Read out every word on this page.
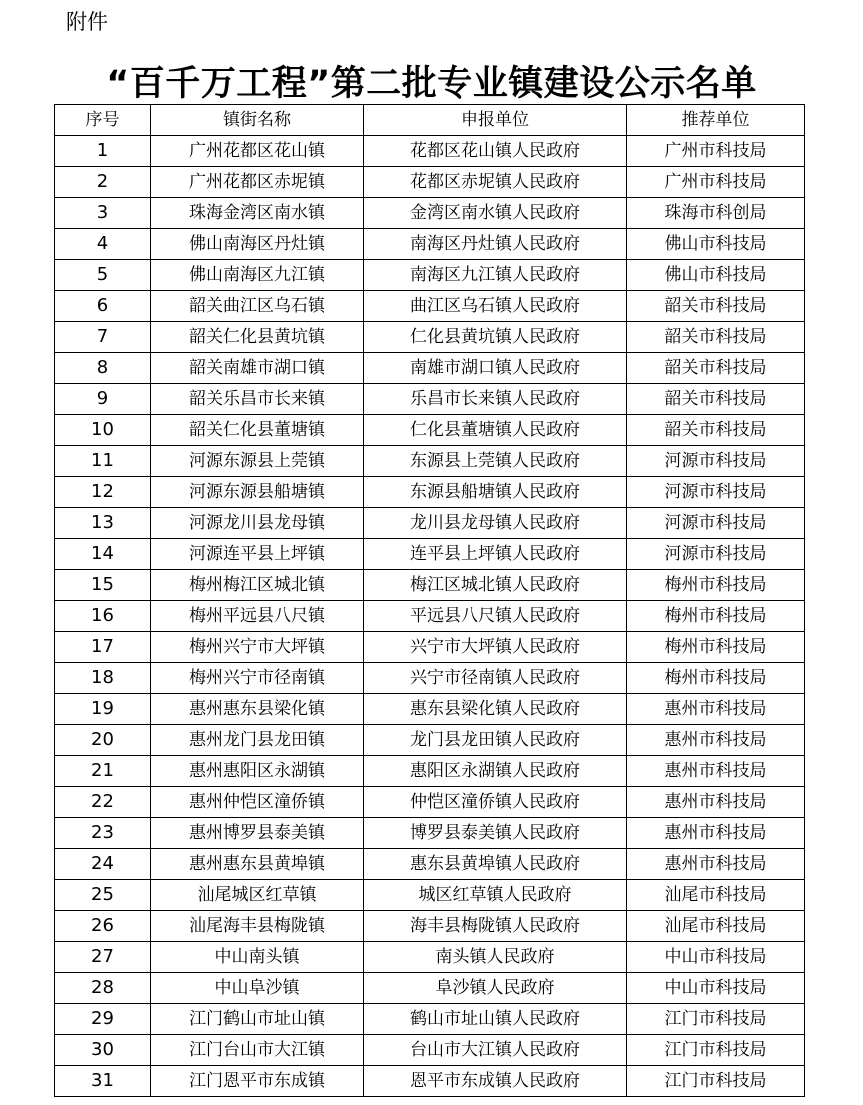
附件
“百千万工程”第二批专业镇建设公示名单
序号	镇街名称	申报单位	推荐单位
1	广州花都区花山镇	花都区花山镇人民政府	广州市科技局
2	广州花都区赤坭镇	花都区赤坭镇人民政府	广州市科技局
3	珠海金湾区南水镇	金湾区南水镇人民政府	珠海市科创局
4	佛山南海区丹灶镇	南海区丹灶镇人民政府	佛山市科技局
5	佛山南海区九江镇	南海区九江镇人民政府	佛山市科技局
6	韶关曲江区乌石镇	曲江区乌石镇人民政府	韶关市科技局
7	韶关仁化县黄坑镇	仁化县黄坑镇人民政府	韶关市科技局
8	韶关南雄市湖口镇	南雄市湖口镇人民政府	韶关市科技局
9	韶关乐昌市长来镇	乐昌市长来镇人民政府	韶关市科技局
10	韶关仁化县董塘镇	仁化县董塘镇人民政府	韶关市科技局
11	河源东源县上莞镇	东源县上莞镇人民政府	河源市科技局
12	河源东源县船塘镇	东源县船塘镇人民政府	河源市科技局
13	河源龙川县龙母镇	龙川县龙母镇人民政府	河源市科技局
14	河源连平县上坪镇	连平县上坪镇人民政府	河源市科技局
15	梅州梅江区城北镇	梅江区城北镇人民政府	梅州市科技局
16	梅州平远县八尺镇	平远县八尺镇人民政府	梅州市科技局
17	梅州兴宁市大坪镇	兴宁市大坪镇人民政府	梅州市科技局
18	梅州兴宁市径南镇	兴宁市径南镇人民政府	梅州市科技局
19	惠州惠东县梁化镇	惠东县梁化镇人民政府	惠州市科技局
20	惠州龙门县龙田镇	龙门县龙田镇人民政府	惠州市科技局
21	惠州惠阳区永湖镇	惠阳区永湖镇人民政府	惠州市科技局
22	惠州仲恺区潼侨镇	仲恺区潼侨镇人民政府	惠州市科技局
23	惠州博罗县泰美镇	博罗县泰美镇人民政府	惠州市科技局
24	惠州惠东县黄埠镇	惠东县黄埠镇人民政府	惠州市科技局
25	汕尾城区红草镇	城区红草镇人民政府	汕尾市科技局
26	汕尾海丰县梅陇镇	海丰县梅陇镇人民政府	汕尾市科技局
27	中山南头镇	南头镇人民政府	中山市科技局
28	中山阜沙镇	阜沙镇人民政府	中山市科技局
29	江门鹤山市址山镇	鹤山市址山镇人民政府	江门市科技局
30	江门台山市大江镇	台山市大江镇人民政府	江门市科技局
31	江门恩平市东成镇	恩平市东成镇人民政府	江门市科技局
